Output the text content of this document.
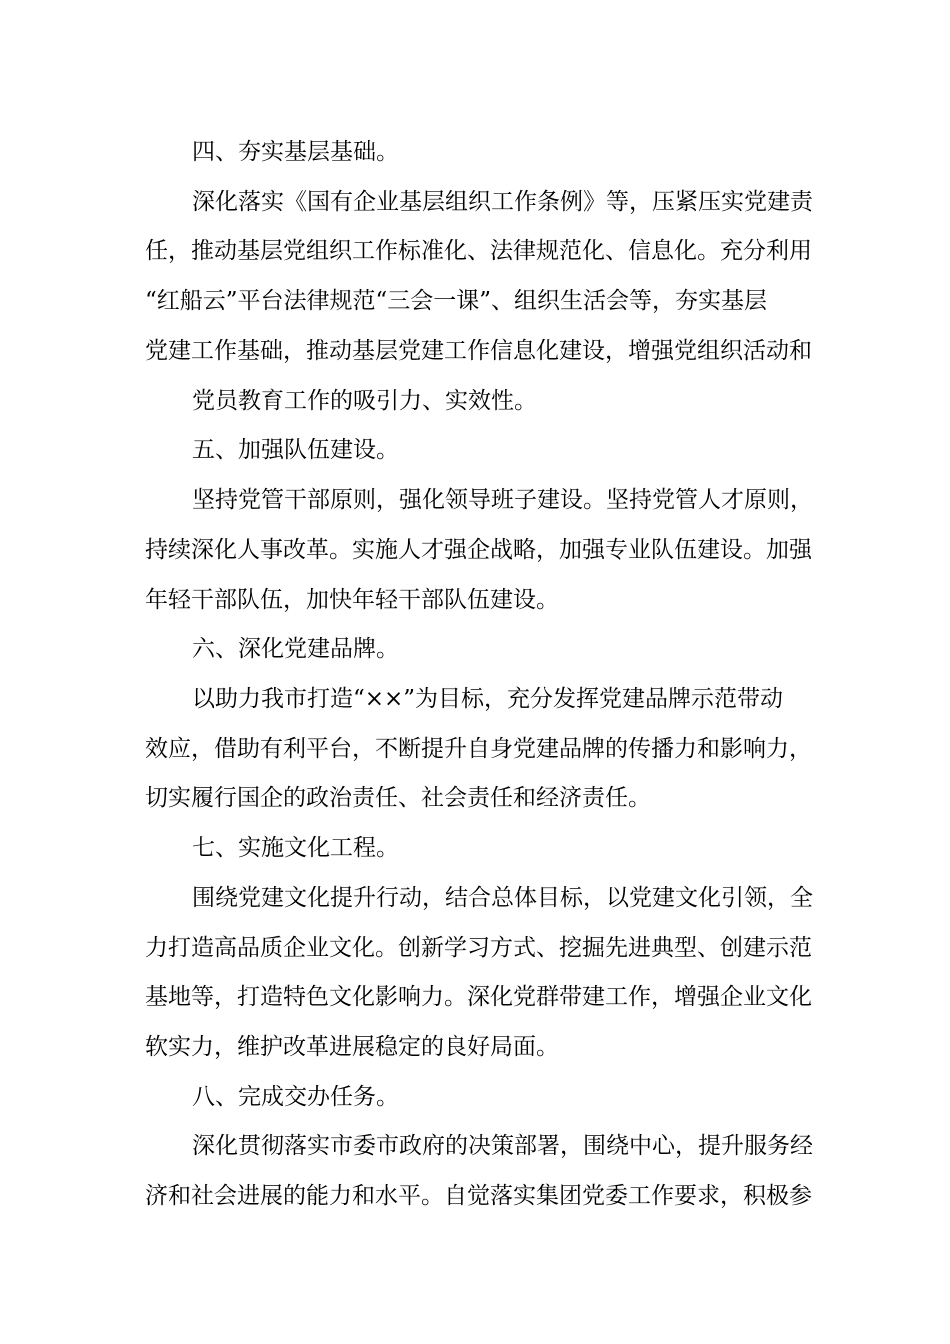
四、夯实基层基础。
深化落实《国有企业基层组织工作条例》等，压紧压实党建责
任，推动基层党组织工作标准化、法律规范化、信息化。充分利用
“红船云”平台法律规范“三会一课”、组织生活会等，夯实基层
党建工作基础，推动基层党建工作信息化建设，增强党组织活动和
党员教育工作的吸引力、实效性。
五、加强队伍建设。
坚持党管干部原则，强化领导班子建设。坚持党管人才原则，
持续深化人事改革。实施人才强企战略，加强专业队伍建设。加强
年轻干部队伍，加快年轻干部队伍建设。
六、深化党建品牌。
以助力我市打造“××”为目标，充分发挥党建品牌示范带动
效应，借助有利平台，不断提升自身党建品牌的传播力和影响力，
切实履行国企的政治责任、社会责任和经济责任。
七、实施文化工程。
围绕党建文化提升行动，结合总体目标，以党建文化引领，全
力打造高品质企业文化。创新学习方式、挖掘先进典型、创建示范
基地等，打造特色文化影响力。深化党群带建工作，增强企业文化
软实力，维护改革进展稳定的良好局面。
八、完成交办任务。
深化贯彻落实市委市政府的决策部署，围绕中心，提升服务经
济和社会进展的能力和水平。自觉落实集团党委工作要求，积极参
